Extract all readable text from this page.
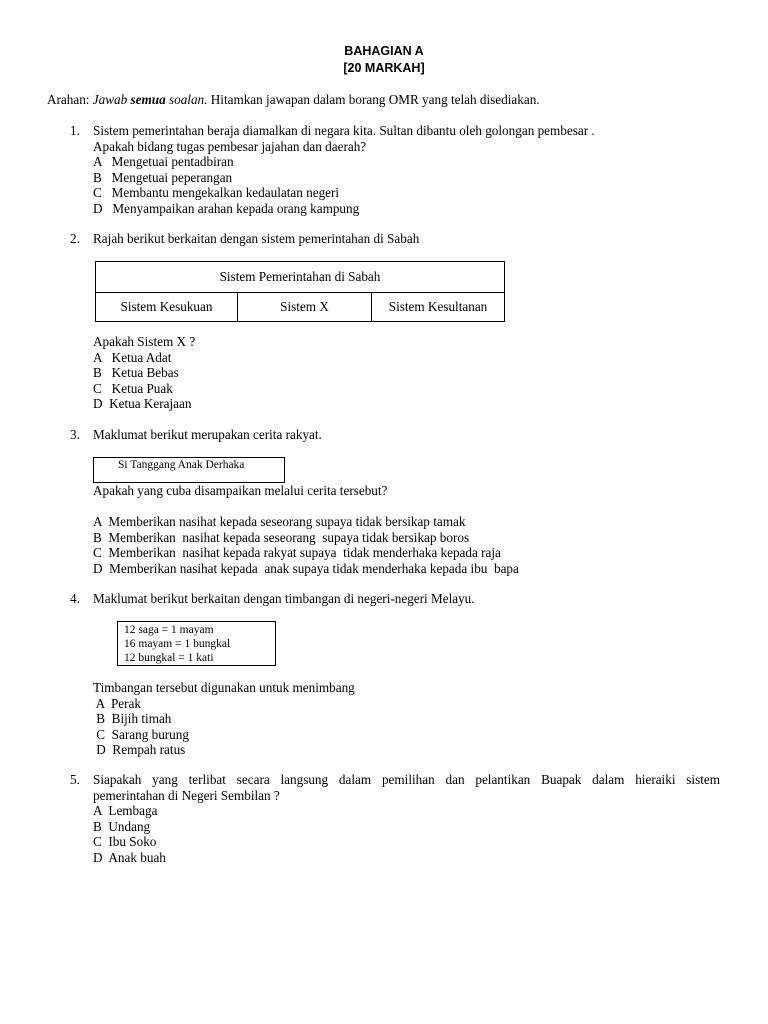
BAHAGIAN A
[20 MARKAH]
Arahan: Jawab semua soalan. Hitamkan jawapan dalam borang OMR yang telah disediakan.
1. Sistem pemerintahan beraja diamalkan di negara kita. Sultan dibantu oleh golongan pembesar .
Apakah bidang tugas pembesar jajahan dan daerah?
A   Mengetuai pentadbiran
B   Mengetuai peperangan
C   Membantu mengekalkan kedaulatan negeri
D   Menyampaikan arahan kepada orang kampung
2. Rajah berikut berkaitan dengan sistem pemerintahan di Sabah
Sistem Pemerintahan di Sabah
Sistem Kesukuan	Sistem X	Sistem Kesultanan
Apakah Sistem X ?
A   Ketua Adat
B   Ketua Bebas
C   Ketua Puak
D  Ketua Kerajaan
3. Maklumat berikut merupakan cerita rakyat.
Si Tanggang Anak Derhaka
Apakah yang cuba disampaikan melalui cerita tersebut?
A  Memberikan nasihat kepada seseorang supaya tidak bersikap tamak
B  Memberikan  nasihat kepada seseorang  supaya tidak bersikap boros
C  Memberikan  nasihat kepada rakyat supaya  tidak menderhaka kepada raja
D  Memberikan nasihat kepada  anak supaya tidak menderhaka kepada ibu  bapa
4. Maklumat berikut berkaitan dengan timbangan di negeri-negeri Melayu.
12 saga = 1 mayam
16 mayam = 1 bungkal
12 bungkal = 1 kati
Timbangan tersebut digunakan untuk menimbang
A  Perak
B  Bijih timah
C  Sarang burung
D  Rempah ratus
5. Siapakah yang terlibat secara langsung dalam pemilihan dan pelantikan Buapak dalam hieraiki sistem
pemerintahan di Negeri Sembilan ?
A  Lembaga
B  Undang
C  Ibu Soko
D  Anak buah
